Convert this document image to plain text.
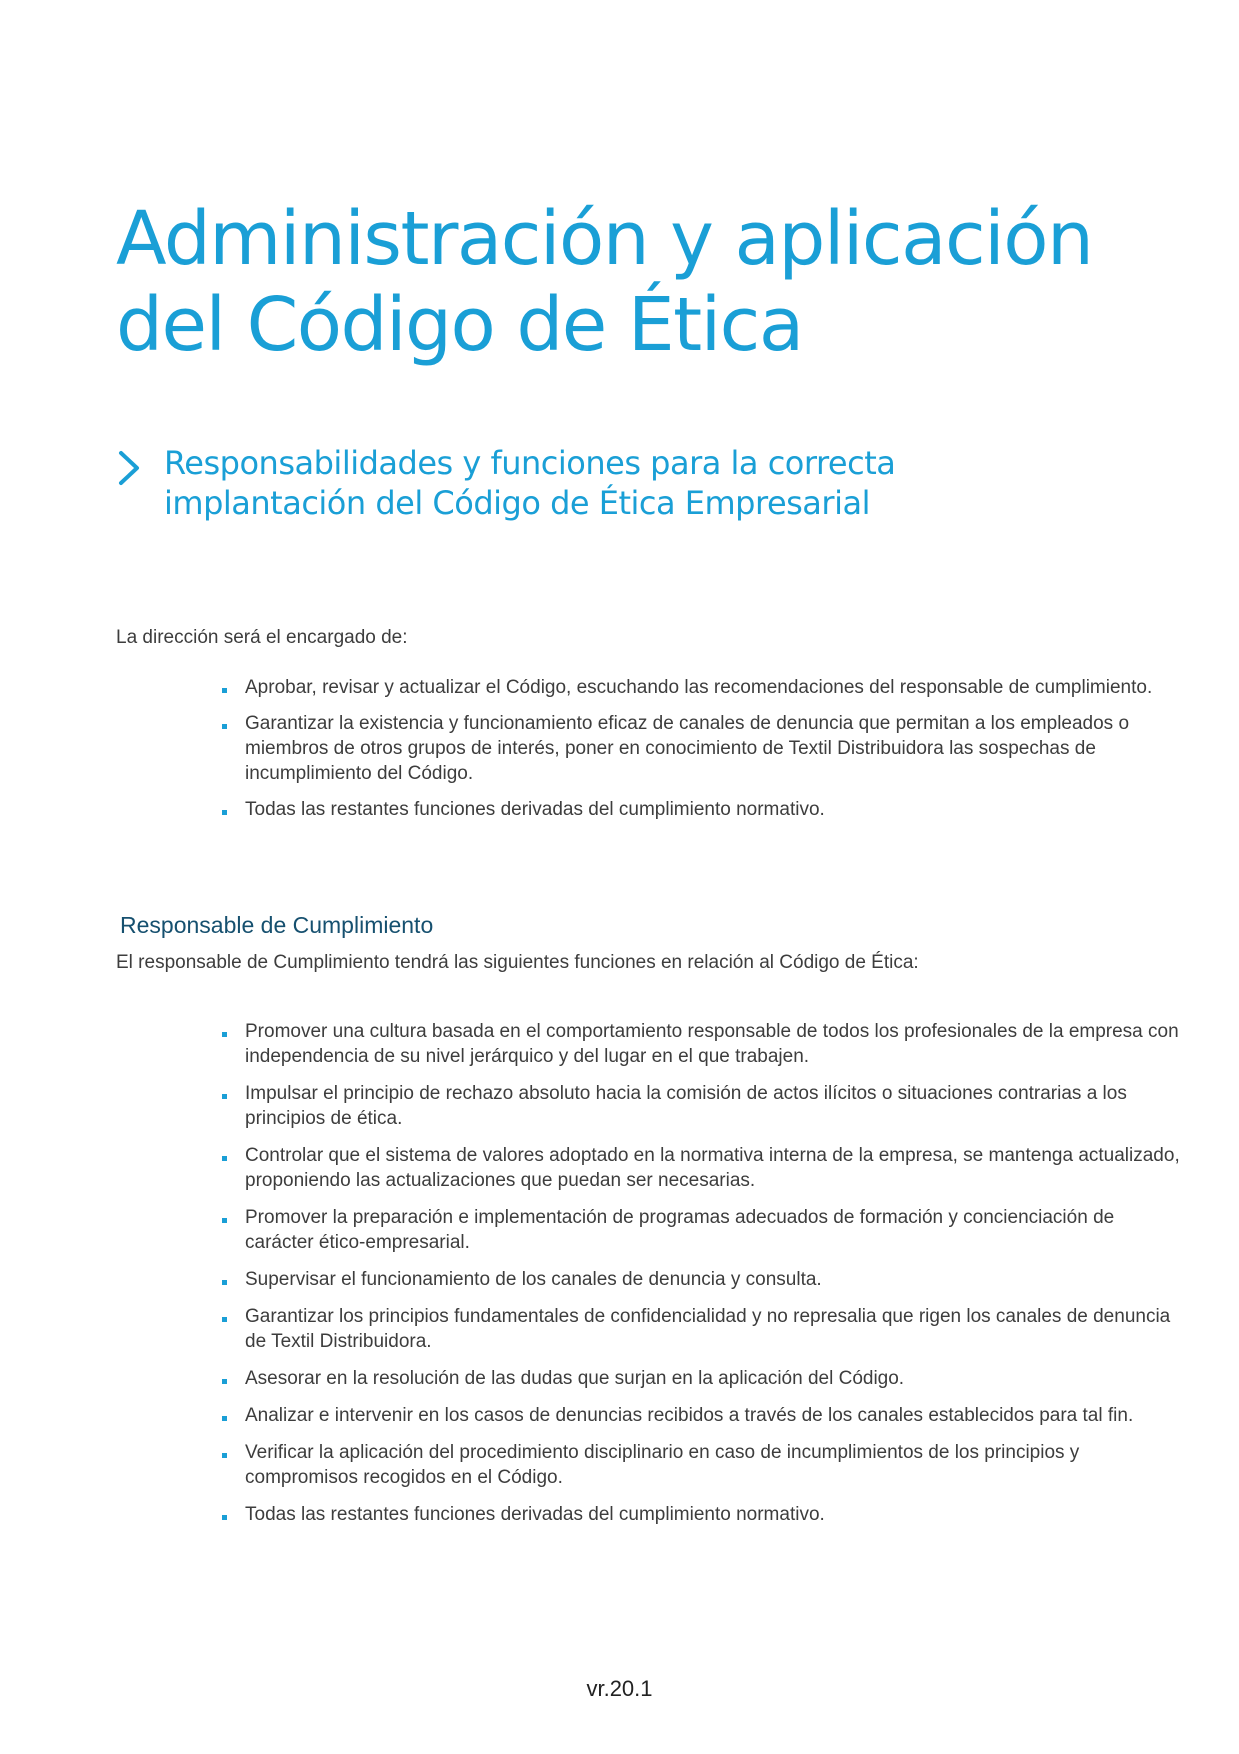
Administración y aplicación
del Código de Ética
Responsabilidades y funciones para la correcta
implantación del Código de Ética Empresarial

La dirección será el encargado de:

Aprobar, revisar y actualizar el Código, escuchando las recomendaciones del responsable de cumplimiento.
Garantizar la existencia y funcionamiento eficaz de canales de denuncia que permitan a los empleados o miembros de otros grupos de interés, poner en conocimiento de Textil Distribuidora las sospechas de incumplimiento del Código.
Todas las restantes funciones derivadas del cumplimiento normativo.
Responsable de Cumplimiento

El responsable de Cumplimiento tendrá las siguientes funciones en relación al Código de Ética:

Promover una cultura basada en el comportamiento responsable de todos los profesionales de la empresa con independencia de su nivel jerárquico y del lugar en el que trabajen.
Impulsar el principio de rechazo absoluto hacia la comisión de actos ilícitos o situaciones contrarias a los principios de ética.
Controlar que el sistema de valores adoptado en la normativa interna de la empresa, se mantenga actualizado, proponiendo las actualizaciones que puedan ser necesarias.
Promover la preparación e implementación de programas adecuados de formación y concienciación de carácter ético-empresarial.
Supervisar el funcionamiento de los canales de denuncia y consulta.
Garantizar los principios fundamentales de confidencialidad y no represalia que rigen los canales de denuncia de Textil Distribuidora.
Asesorar en la resolución de las dudas que surjan en la aplicación del Código.
Analizar e intervenir en los casos de denuncias recibidos a través de los canales establecidos para tal fin.
Verificar la aplicación del procedimiento disciplinario en caso de incumplimientos de los principios y compromisos recogidos en el Código.
Todas las restantes funciones derivadas del cumplimiento normativo.
vr.20.1
